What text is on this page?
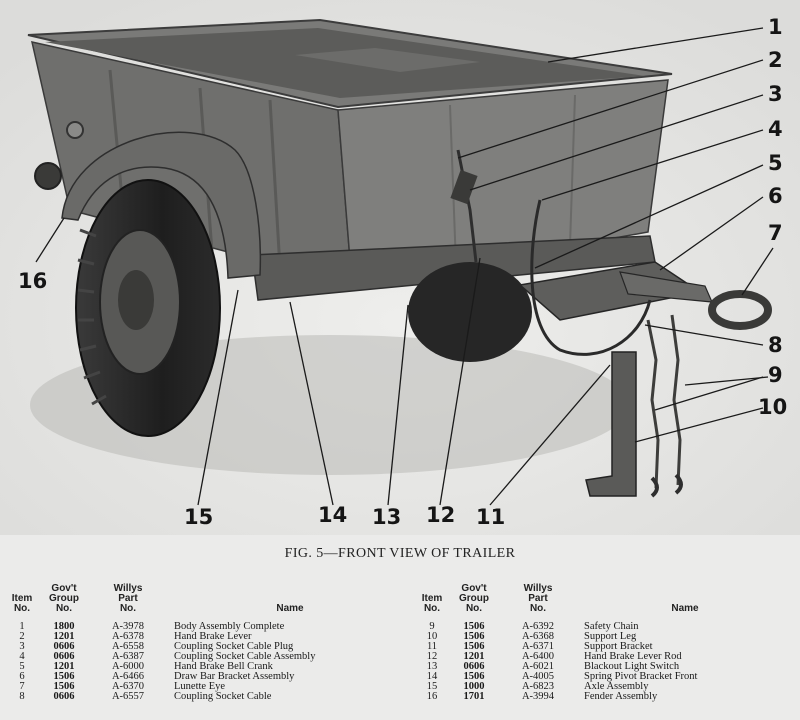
1
2
3
4
5
6
7
8
9
10
11
12
13
14
15
16
FIG. 5—FRONT VIEW OF TRAILER
Item
No.	Gov't
Group
No.	Willys
Part
No.	Name
1	1800	A-3978	Body Assembly Complete
2	1201	A-6378	Hand Brake Lever
3	0606	A-6558	Coupling Socket Cable Plug
4	0606	A-6387	Coupling Socket Cable Assembly
5	1201	A-6000	Hand Brake Bell Crank
6	1506	A-6466	Draw Bar Bracket Assembly
7	1506	A-6370	Lunette Eye
8	0606	A-6557	Coupling Socket Cable
Item
No.	Gov't
Group
No.	Willys
Part
No.	Name
9	1506	A-6392	Safety Chain
10	1506	A-6368	Support Leg
11	1506	A-6371	Support Bracket
12	1201	A-6400	Hand Brake Lever Rod
13	0606	A-6021	Blackout Light Switch
14	1506	A-4005	Spring Pivot Bracket Front
15	1000	A-6823	Axle Assembly
16	1701	A-3994	Fender Assembly
